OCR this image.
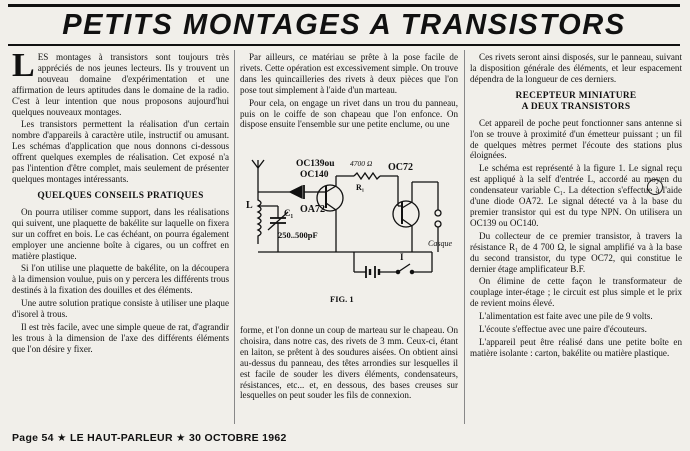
PETITS MONTAGES A TRANSISTORS

LES montages à transistors sont toujours très appréciés de nos jeunes lecteurs. Ils y trouvent un nouveau domaine d'expérimentation et une affirmation de leurs aptitudes dans le domaine de la radio. C'est à leur intention que nous proposons aujourd'hui quelques nouveaux montages.

Les transistors permettent la réalisation d'un certain nombre d'appareils à caractère utile, instructif ou amusant. Les schémas d'application que nous donnons ci-dessous offrent quelques exemples de réalisation. Cet exposé n'a pas l'intention d'être complet, mais seulement de présenter quelques montages intéressants.

QUELQUES CONSEILS PRATIQUES

On pourra utiliser comme support, dans les réalisations qui suivent, une plaquette de bakélite sur laquelle on fixera sur un coffret en bois. Le cas échéant, on pourra également employer une ancienne boîte à cigares, ou un coffret en matière plastique.

Si l'on utilise une plaquette de bakélite, on la découpera à la dimension voulue, puis on y percera les différents trous destinés à la fixation des douilles et des éléments.

Une autre solution pratique consiste à utiliser une plaque d'isorel à trous.

Il est très facile, avec une simple queue de rat, d'agrandir les trous à la dimension de l'axe des différents éléments que l'on désire y fixer.

Par ailleurs, ce matériau se prête à la pose facile de rivets. Cette opération est excessivement simple. On trouve dans les quincailleries des rivets à deux pièces que l'on pose tout simplement à l'aide d'un marteau.

Pour cela, on engage un rivet dans un trou du panneau, puis on le coiffe de son chapeau que l'on enfonce. On dispose ensuite l'ensemble sur une petite enclume, ou une

L
C₁
250..500pF
OA72
OC139ou
OC140
4700 Ω
R₁
OC72
Casque
I
FIG. 1

forme, et l'on donne un coup de marteau sur le chapeau. On choisira, dans notre cas, des rivets de 3 mm. Ceux-ci, étant en laiton, se prêtent à des soudures aisées. On obtient ainsi au-dessus du panneau, des têtes arrondies sur lesquelles il est facile de souder les divers éléments, condensateurs, résistances, etc... et, en dessous, des bases creuses sur lesquelles on peut souder les fils de connexion.

Ces rivets seront ainsi disposés, sur le panneau, suivant la disposition générale des éléments, et leur espacement dépendra de la longueur de ces derniers.

RECEPTEUR MINIATURE
A DEUX TRANSISTORS

Cet appareil de poche peut fonctionner sans antenne si l'on se trouve à proximité d'un émetteur puissant ; un fil de quelques mètres permet l'écoute des stations plus éloignées.

Le schéma est représenté à la figure 1. Le signal reçu est appliqué à la self d'entrée L, accordé au moyen du condensateur variable C₁. La détection s'effectue à l'aide d'une diode OA72. Le signal détecté va à la base du premier transistor qui est du type NPN. On utilisera un OC139 ou OC140.

Du collecteur de ce premier transistor, à travers la résistance R₁ de 4 700 Ω, le signal amplifié va à la base du second transistor, du type OC72, qui constitue le dernier étage amplificateur B.F.

On élimine de cette façon le transformateur de couplage inter-étage ; le circuit est plus simple et le prix de revient moins élevé.

L'alimentation est faite avec une pile de 9 volts.

L'écoute s'effectue avec une paire d'écouteurs.

L'appareil peut être réalisé dans une petite boîte en matière isolante : carton, bakélite ou matière plastique.

Page 54 ★ LE HAUT-PARLEUR ★ 30 OCTOBRE 1962
